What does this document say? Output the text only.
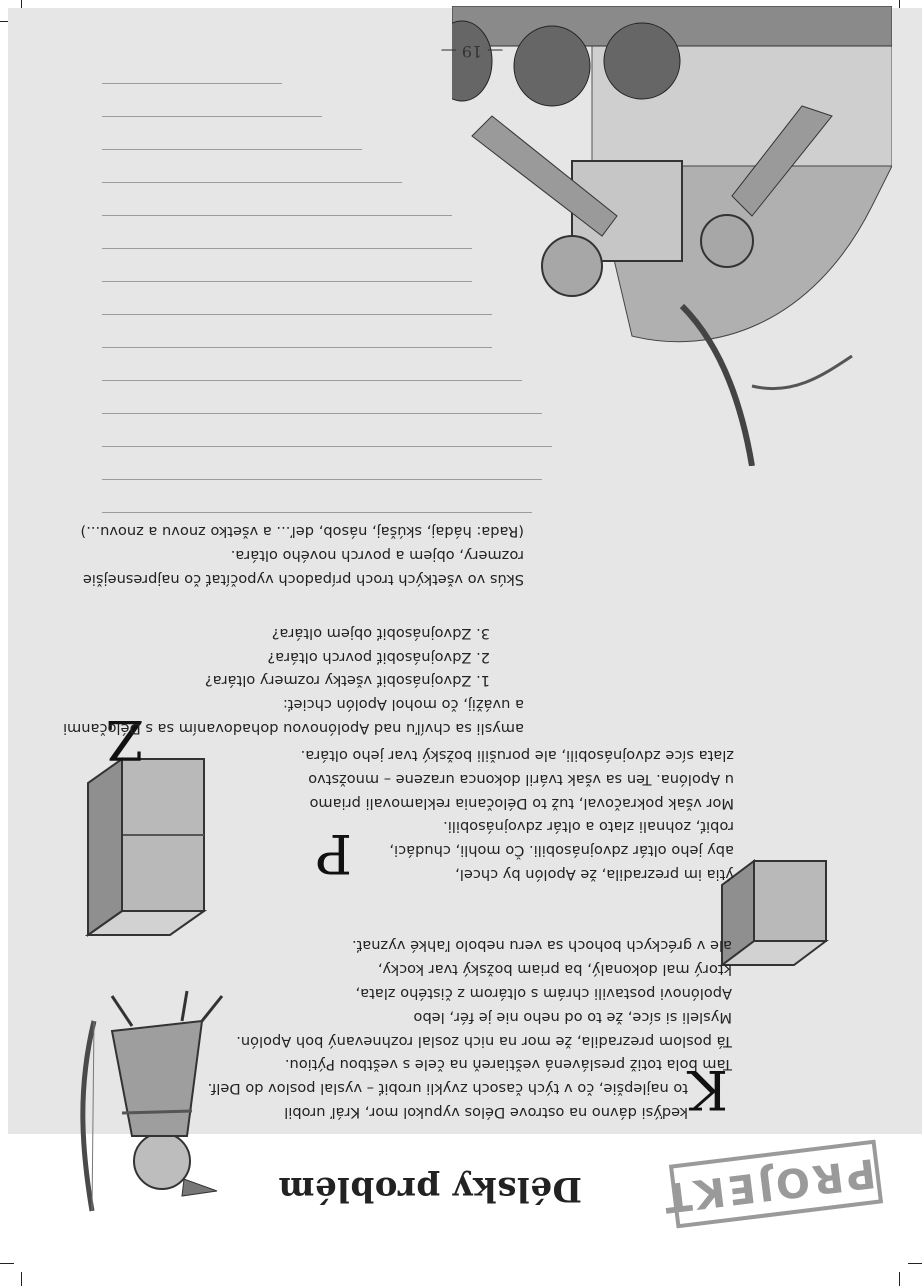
PROJEKT
Délsky problém
K

keďýsi dávno na ostrove Délos vypukol mor, Kráľ urobil

to najlepšie, čo v tých časoch zvykli urobiť – vyslal poslov do Delf.

Tam bola totiž preslávená veštiareň na čele s veštbou Pýtiou.

Tá poslom prezradila, že mor na nich zoslal rozhnevaný boh Apolón.

Mysleli si síce, že to od neho nie je fér, lebo

Apolónovi postavili chrám s oltárom z čistého zlata,

ktorý mal dokonalý, ba priam božský tvar kocky,

ale v gréckych bohoch sa veru nebolo ľahké vyznať.

P	ýtia im prezradila, že Apolón by chcel,

aby jeho oltár zdvojnásobili. Čo mohli, chudáci,

robiť, zohnali zlato a oltár zdvojnásobili.

Mor však pokračoval, tuž to Déločania reklamovali priamo

u Apolóna. Ten sa však tváril dokonca urazene – množstvo

zlata síce zdvojnásobili, ale porušili božský tvar jeho oltára.

Z

amysli sa chvíľu nad Apolónovou dohadovaním sa s Déločanmi

a uvážij, čo mohol Apolón chcieť:

1. Zdvojnásobiť všetky rozmery oltára?

2. Zdvojnásobiť povrch oltára?

3. Zdvojnásobiť objem oltára?

Skús vo všetkých troch prípadoch vypočítať čo najpresnejšie

rozmery, objem a povrch nového oltára.

(Rada: hádaj, skúšaj, násob, deľ... a všetko znovu a znovu...)

— 19 —
